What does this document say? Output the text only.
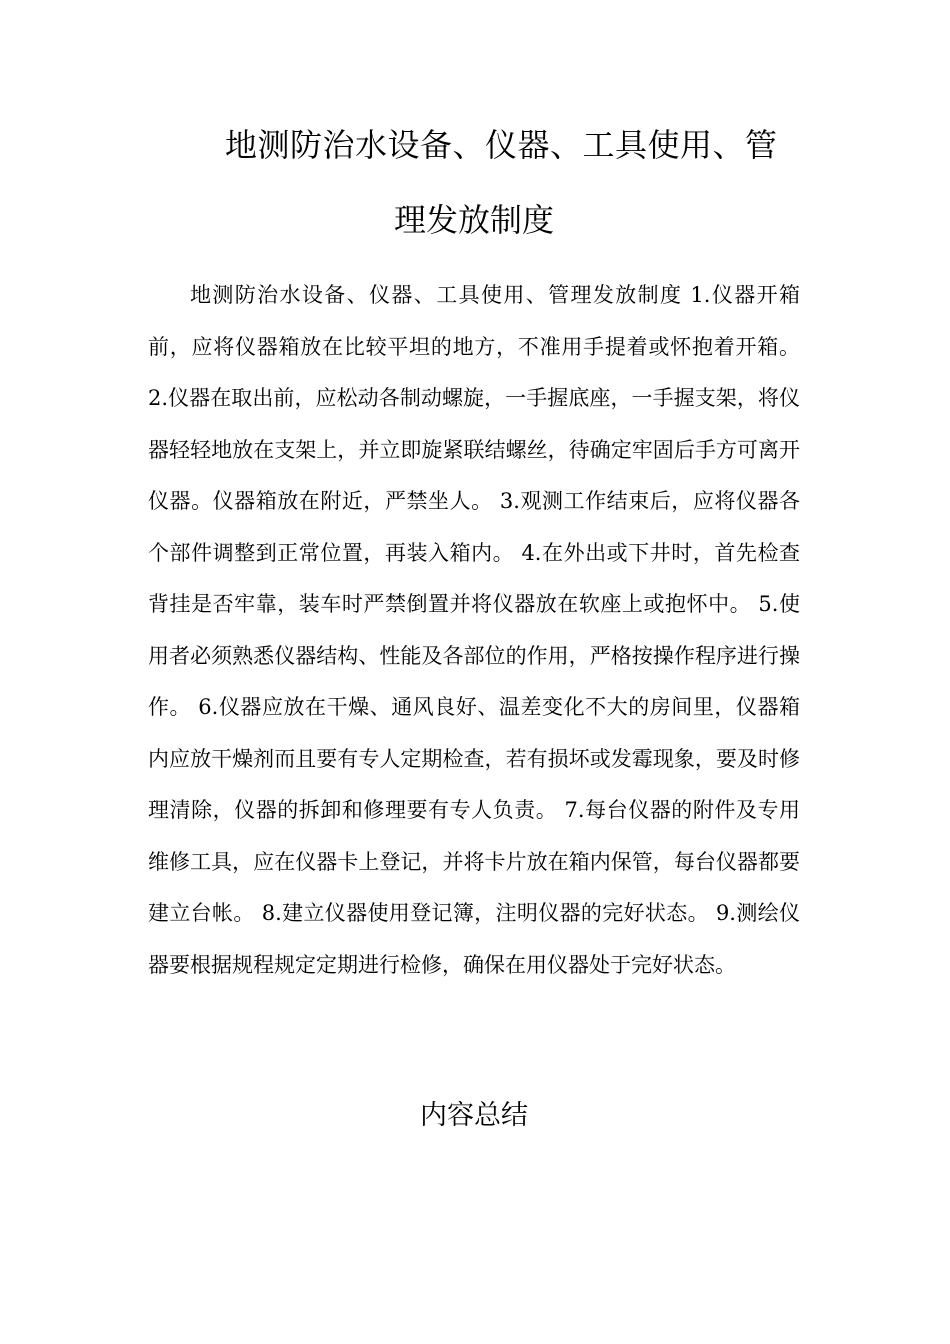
地测防治水设备、仪器、工具使用、管
理发放制度

地测防治水设备、仪器、工具使用、管理发放制度 1.仪器开箱前，应将仪器箱放在比较平坦的地方，不准用手提着或怀抱着开箱。 2.仪器在取出前，应松动各制动螺旋，一手握底座，一手握支架，将仪器轻轻地放在支架上，并立即旋紧联结螺丝，待确定牢固后手方可离开仪器。仪器箱放在附近，严禁坐人。 3.观测工作结束后，应将仪器各个部件调整到正常位置，再装入箱内。 4.在外出或下井时，首先检查背挂是否牢靠，装车时严禁倒置并将仪器放在软座上或抱怀中。 5.使用者必须熟悉仪器结构、性能及各部位的作用，严格按操作程序进行操作。 6.仪器应放在干燥、通风良好、温差变化不大的房间里，仪器箱内应放干燥剂而且要有专人定期检查，若有损坏或发霉现象，要及时修理清除，仪器的拆卸和修理要有专人负责。 7.每台仪器的附件及专用维修工具，应在仪器卡上登记，并将卡片放在箱内保管，每台仪器都要建立台帐。 8.建立仪器使用登记簿，注明仪器的完好状态。 9.测绘仪器要根据规程规定定期进行检修，确保在用仪器处于完好状态。

内容总结
